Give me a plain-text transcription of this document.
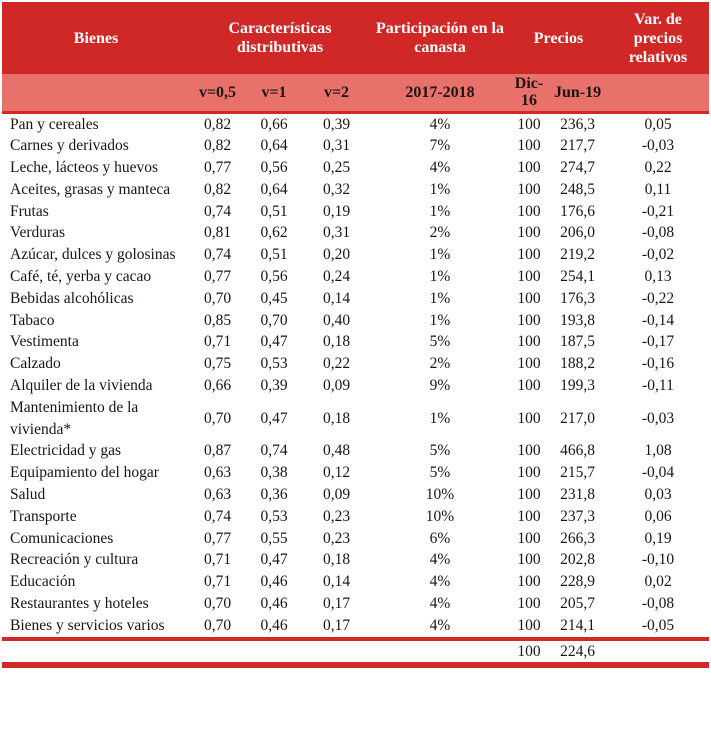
Bienes	Características distributivas			Participación en la canasta	Precios		Var. de precios relativos
	v=0,5	v=1	v=2	2017-2018	Dic-16	Jun-19	
Pan y cereales	0,82	0,66	0,39	4%	100	236,3	0,05
Carnes y derivados	0,82	0,64	0,31	7%	100	217,7	-0,03
Leche, lácteos y huevos	0,77	0,56	0,25	4%	100	274,7	0,22
Aceites, grasas y manteca	0,82	0,64	0,32	1%	100	248,5	0,11
Frutas	0,74	0,51	0,19	1%	100	176,6	-0,21
Verduras	0,81	0,62	0,31	2%	100	206,0	-0,08
Azúcar, dulces y golosinas	0,74	0,51	0,20	1%	100	219,2	-0,02
Café, té, yerba y cacao	0,77	0,56	0,24	1%	100	254,1	0,13
Bebidas alcohólicas	0,70	0,45	0,14	1%	100	176,3	-0,22
Tabaco	0,85	0,70	0,40	1%	100	193,8	-0,14
Vestimenta	0,71	0,47	0,18	5%	100	187,5	-0,17
Calzado	0,75	0,53	0,22	2%	100	188,2	-0,16
Alquiler de la vivienda	0,66	0,39	0,09	9%	100	199,3	-0,11
Mantenimiento de la vivienda*	0,70	0,47	0,18	1%	100	217,0	-0,03
Electricidad y gas	0,87	0,74	0,48	5%	100	466,8	1,08
Equipamiento del hogar	0,63	0,38	0,12	5%	100	215,7	-0,04
Salud	0,63	0,36	0,09	10%	100	231,8	0,03
Transporte	0,74	0,53	0,23	10%	100	237,3	0,06
Comunicaciones	0,77	0,55	0,23	6%	100	266,3	0,19
Recreación y cultura	0,71	0,47	0,18	4%	100	202,8	-0,10
Educación	0,71	0,46	0,14	4%	100	228,9	0,02
Restaurantes y hoteles	0,70	0,46	0,17	4%	100	205,7	-0,08
Bienes y servicios varios	0,70	0,46	0,17	4%	100	214,1	-0,05
					100	224,6	
